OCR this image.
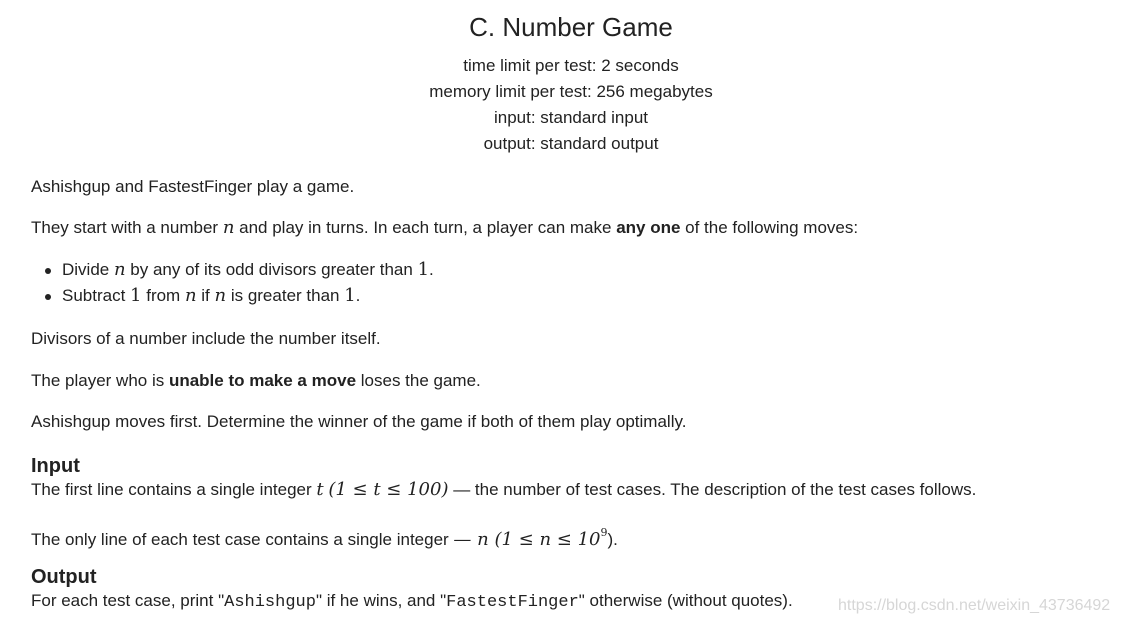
C. Number Game
time limit per test: 2 seconds
memory limit per test: 256 megabytes
input: standard input
output: standard output
Ashishgup and FastestFinger play a game.
They start with a number n and play in turns. In each turn, a player can make any one of the following moves:
Divide n by any of its odd divisors greater than 1.
Subtract 1 from n if n is greater than 1.
Divisors of a number include the number itself.
The player who is unable to make a move loses the game.
Ashishgup moves first. Determine the winner of the game if both of them play optimally.
Input
The first line contains a single integer t (1 ≤ t ≤ 100) — the number of test cases. The description of the test cases follows.
The only line of each test case contains a single integer — n $(1 \le n \le 10^9)$.
Output
For each test case, print "Ashishgup" if he wins, and "FastestFinger" otherwise (without quotes).	https://blog.csdn.net/weixin_43736492
